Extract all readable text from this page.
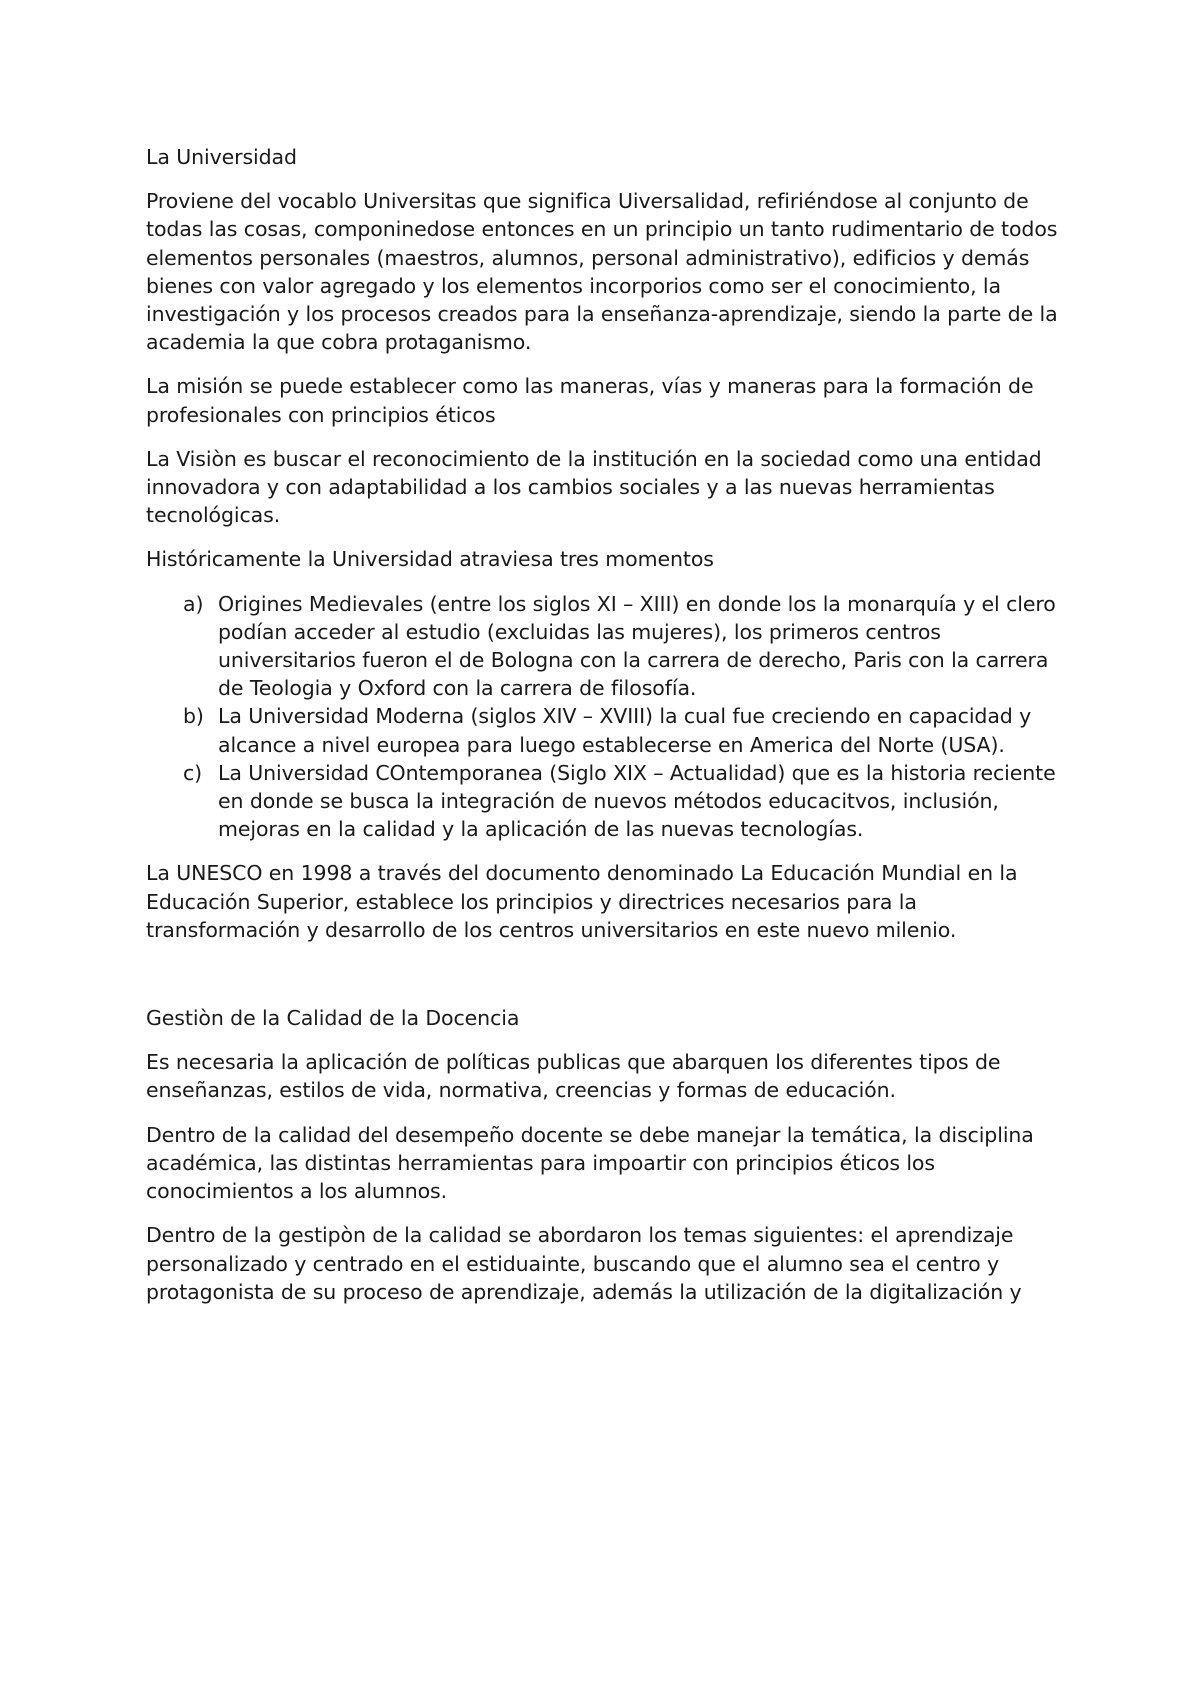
La Universidad

Proviene del vocablo Universitas que significa Uiversalidad, refiriéndose al conjunto de todas las cosas, componinedose entonces en un principio un tanto rudimentario de todos elementos personales (maestros, alumnos, personal administrativo), edificios y demás bienes con valor agregado y los elementos incorporios como ser el conocimiento, la investigación y los procesos creados para la enseñanza-aprendizaje, siendo la parte de la academia la que cobra protaganismo.

La misión se puede establecer como las maneras, vías y maneras para la formación de profesionales con principios éticos

La Visiòn es buscar el reconocimiento de la institución en la sociedad como una entidad innovadora y con adaptabilidad a los cambios sociales y a las nuevas herramientas tecnológicas.

Históricamente la Universidad atraviesa tres momentos

a) Origines Medievales (entre los siglos XI – XIII) en donde los la monarquía y el clero podían acceder al estudio (excluidas las mujeres), los primeros centros universitarios fueron el de Bologna con la carrera de derecho, Paris con la carrera de Teologia y Oxford con la carrera de filosofía.
b) La Universidad Moderna (siglos XIV – XVIII) la cual fue creciendo en capacidad y alcance a nivel europea para luego establecerse en America del Norte (USA).
c) La Universidad COntemporanea (Siglo XIX – Actualidad) que es la historia reciente en donde se busca la integración de nuevos métodos educacitvos, inclusión, mejoras en la calidad y la aplicación de las nuevas tecnologías.

La UNESCO en 1998 a través del documento denominado La Educación Mundial en la Educación Superior, establece los principios y directrices necesarios para la transformación y desarrollo de los centros universitarios en este nuevo milenio.

Gestiòn de la Calidad de la Docencia

Es necesaria la aplicación de políticas publicas que abarquen los diferentes tipos de enseñanzas, estilos de vida, normativa, creencias y formas de educación.

Dentro de la calidad del desempeño docente se debe manejar la temática, la disciplina académica, las distintas herramientas para impoartir con principios éticos los conocimientos a los alumnos.

Dentro de la gestipòn de la calidad se abordaron los temas siguientes: el aprendizaje personalizado y centrado en el estiduainte, buscando que el alumno sea el centro y protagonista de su proceso de aprendizaje, además la utilización de la digitalización y
